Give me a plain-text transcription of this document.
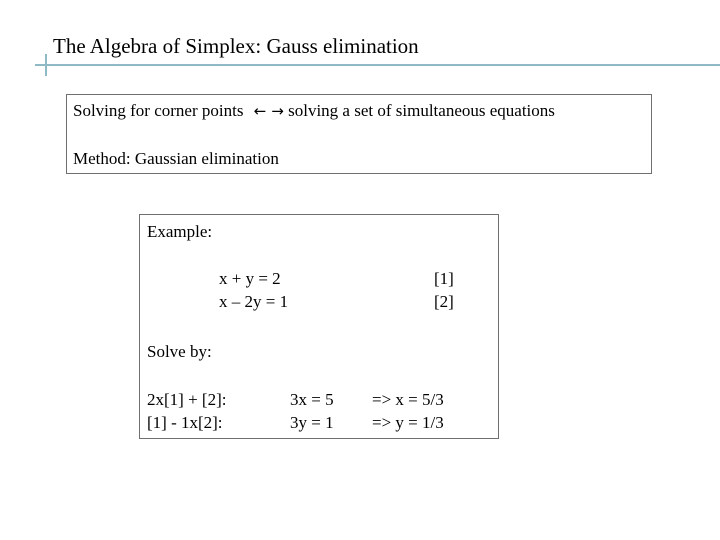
The Algebra of Simplex: Gauss elimination
Solving for corner points ← → solving a set of simultaneous equations
Method: Gaussian elimination
Example:
x + y = 2	[1]
x – 2y = 1	[2]
Solve by:
2x[1] + [2]:	3x = 5 => x = 5/3
[1] - 1x[2]:	3y = 1 => y = 1/3
